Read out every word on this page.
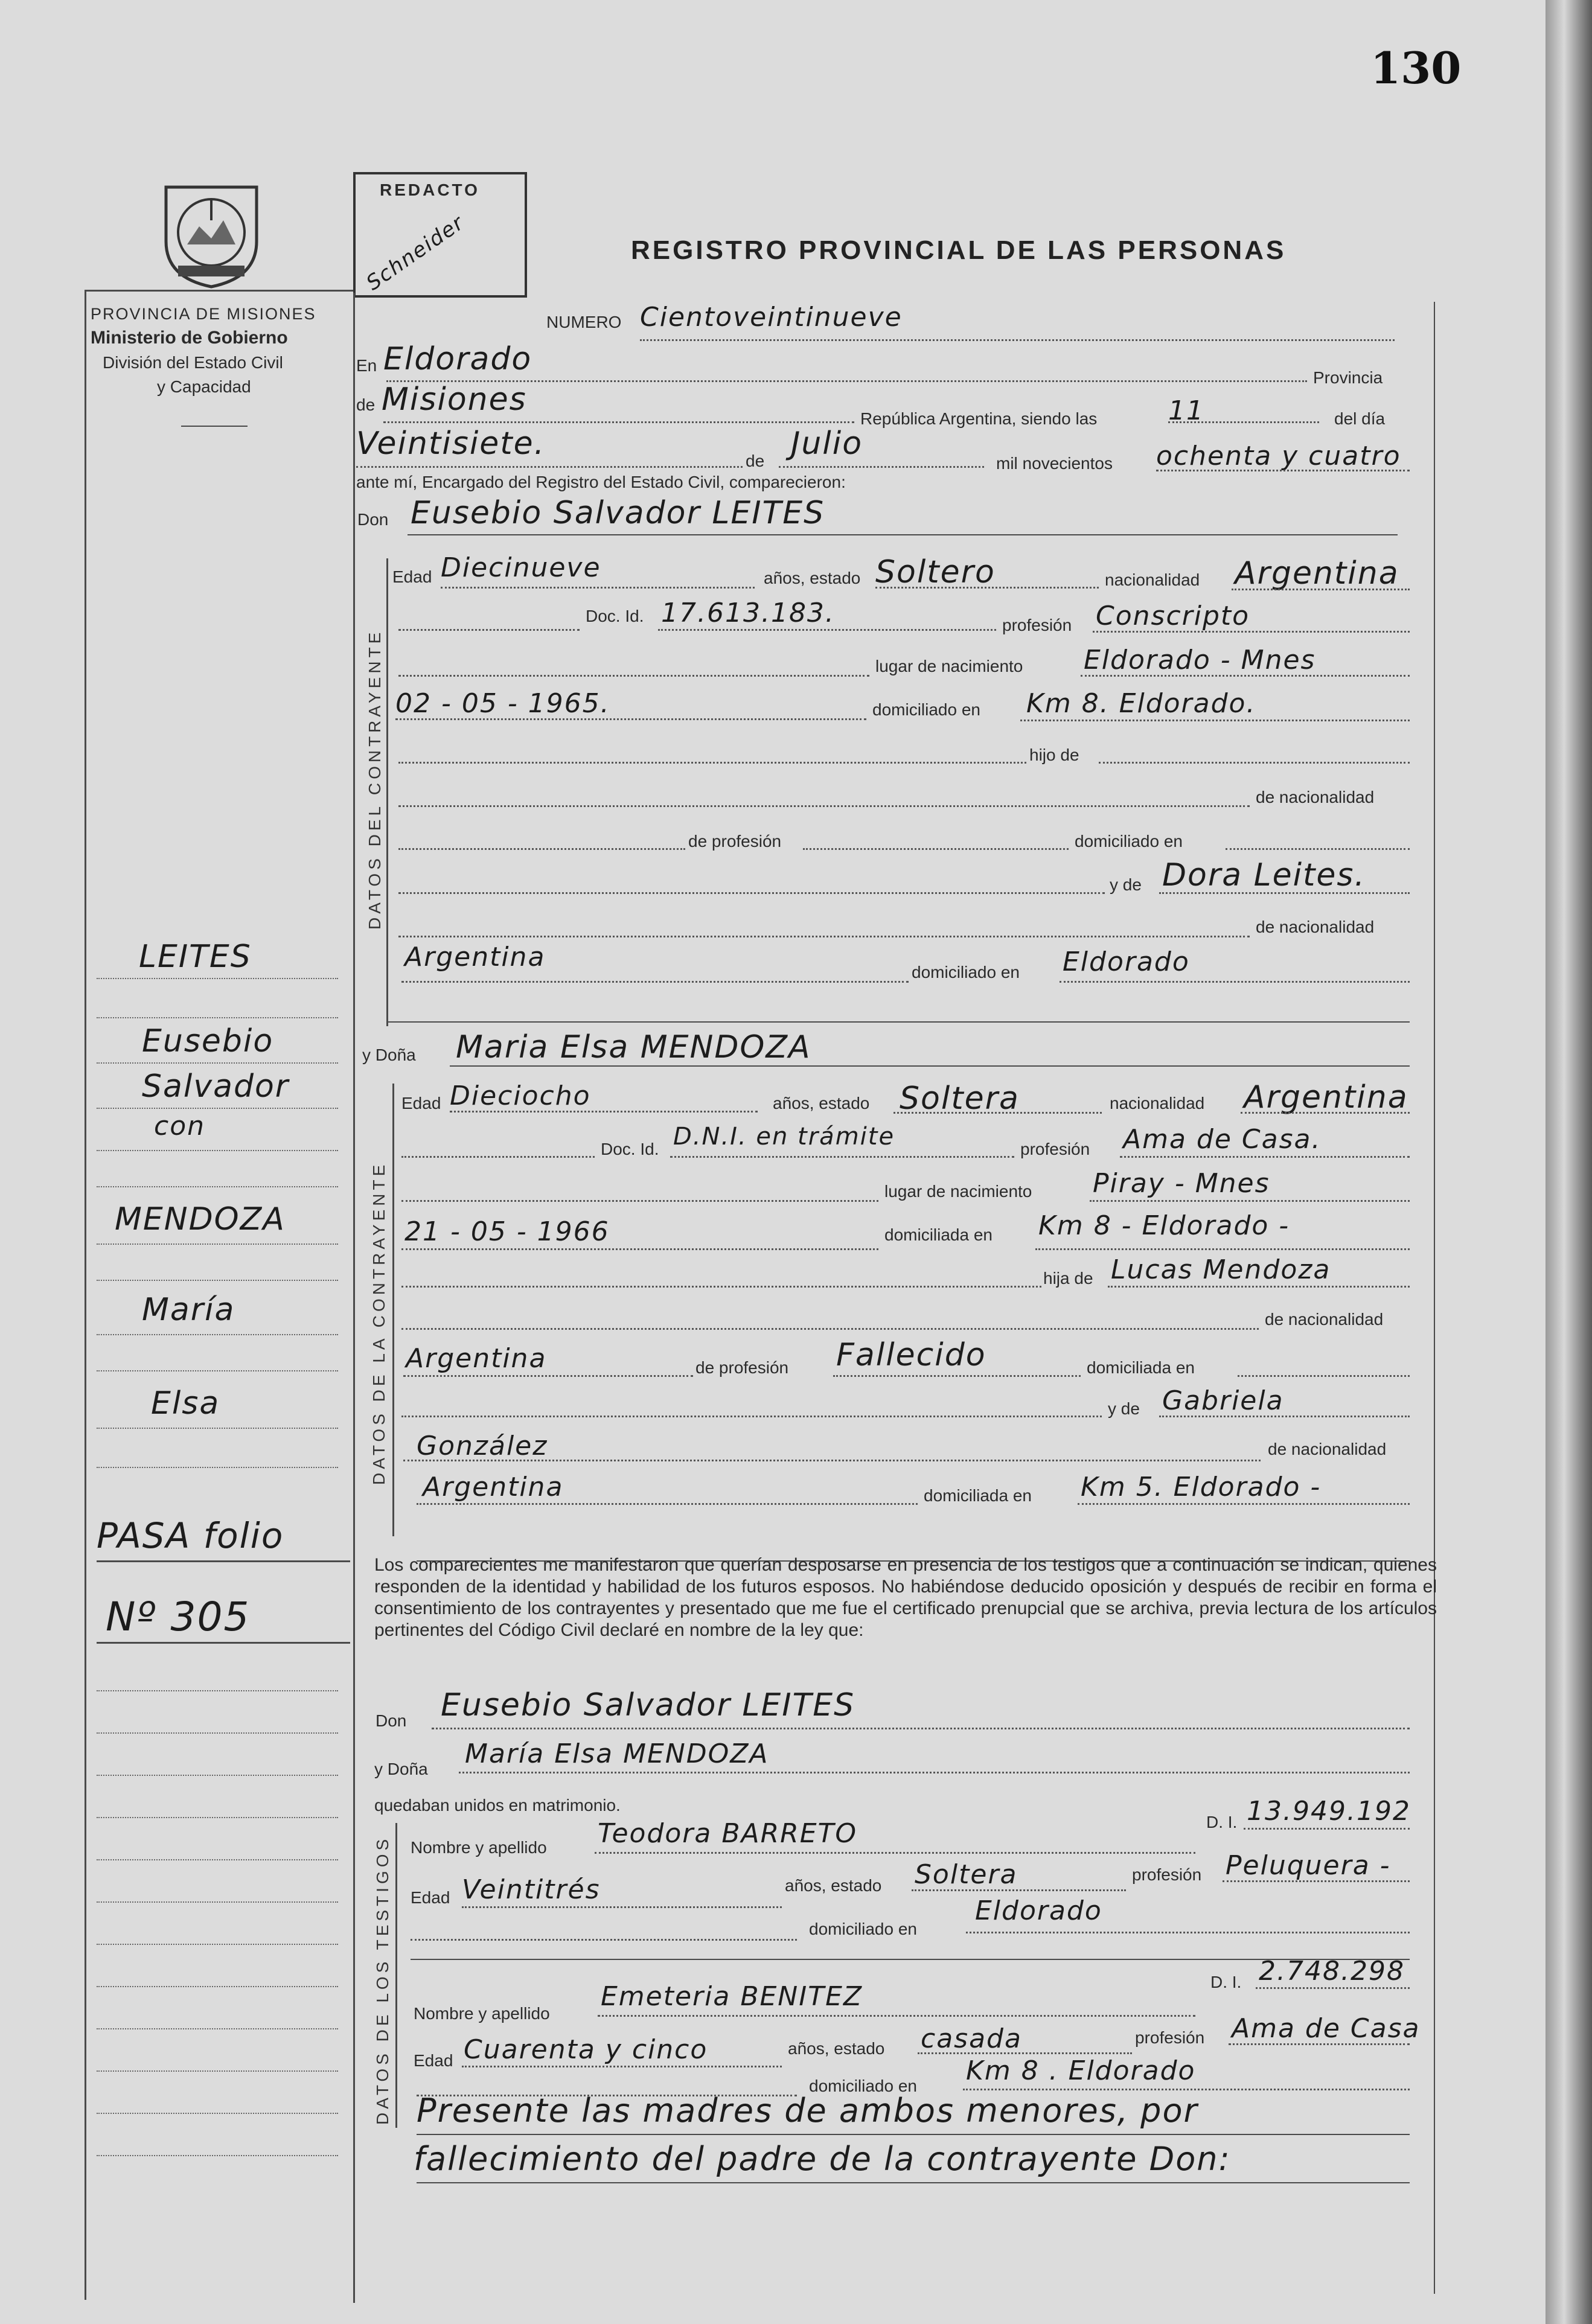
130
PROVINCIA DE MISIONES
Ministerio de Gobierno
División del Estado Civil
y Capacidad
REDACTO
Schneider	REGISTRO PROVINCIAL DE LAS PERSONAS
NUMERO Cientoveintinueve
En Eldorado
Provincia
de Misiones
República Argentina, siendo las	11	del día
Veintisiete.	de Julio
mil novecientos ochenta y cuatro
ante mí, Encargado del Registro del Estado Civil, comparecieron:
Don Eusebio Salvador LEITES
DATOS DEL CONTRAYENTE
Edad Diecinueve	años, estado Soltero	nacionalidad Argentina
Doc. Id. 17.613.183.	profesión Conscripto
lugar de nacimiento Eldorado - Mnes
02 - 05 - 1965.	domiciliado en Km 8. Eldorado.
hijo de
de nacionalidad
de profesión	domiciliado en
y de Dora Leites.
de nacionalidad
Argentina	domiciliado en Eldorado
y Doña Maria Elsa MENDOZA
DATOS DE LA CONTRAYENTE
Edad Dieciocho	años, estado Soltera	nacionalidad Argentina
Doc. Id. D.N.I. en trámite	profesión Ama de Casa.
lugar de nacimiento Piray - Mnes
21 - 05 - 1966	domiciliada en Km 8 - Eldorado -
hija de Lucas Mendoza
de nacionalidad
Argentina	de profesión Fallecido	domiciliada en
y de Gabriela
González	de nacionalidad
Argentina	domiciliada en Km 5. Eldorado -
Los comparecientes me manifestaron que querían desposarse en presencia de los testigos que a continuación se indican, quienes responden de la identidad y habilidad de los futuros esposos. No habiéndose deducido oposición y después de recibir en forma el consentimiento de los contrayentes y presentado que me fue el certificado prenupcial que se archiva, previa lectura de los artículos pertinentes del Código Civil declaré en nombre de la ley que:
Don Eusebio Salvador LEITES
y Doña María Elsa MENDOZA
quedaban unidos en matrimonio.
DATOS DE LOS TESTIGOS Nombre y apellido Teodora BARRETO	D. I. 13.949.192
Edad Veintitrés	años, estado Soltera	profesión Peluquera -
domiciliado en
Eldorado
Nombre y apellido
Emeteria BENITEZ	D. I. 2.748.298
Edad Cuarenta y cinco	años, estado casada	profesión Ama de Casa
domiciliado en Km 8 . Eldorado
Presente las madres de ambos menores, por
fallecimiento del padre de la contrayente Don:
LEITES
Eusebio
Salvador
con
MENDOZA
María
Elsa
PASA folio
Nº 305
